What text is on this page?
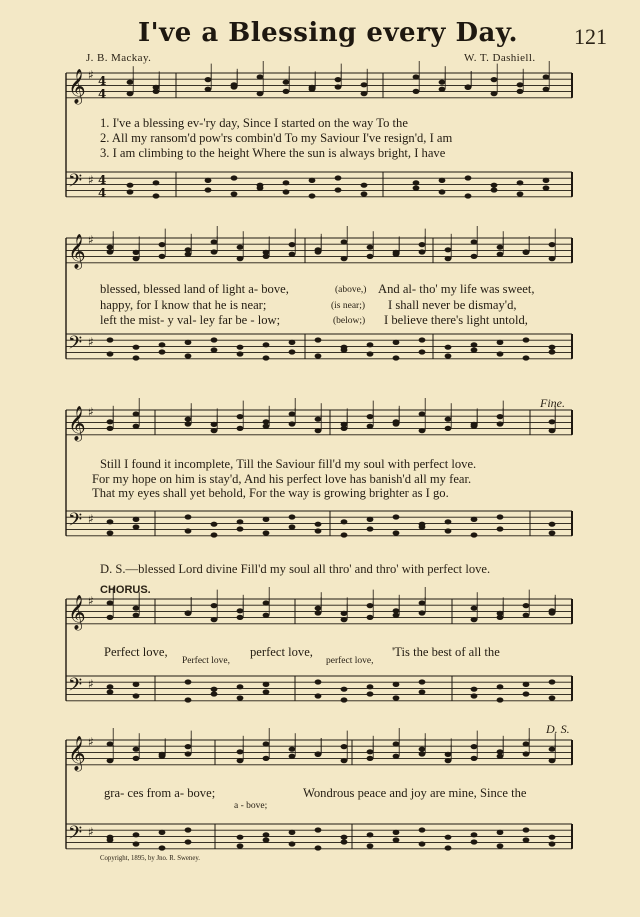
I've a Blessing every Day.	121
J. B. Mackay.	W. T. Dashiell.
𝄞 ♯ 4
4
𝄢 ♯ 4
4
𝄞 ♯
𝄢 ♯
𝄞 ♯
𝄢 ♯
𝄞 ♯
𝄢 ♯
𝄞 ♯
𝄢 ♯
1. I've a blessing ev-'ry day, Since I started on the way To the
2. All my ransom'd pow'rs combin'd To my Saviour I've resign'd, I am
3. I am climbing to the height Where the sun is always bright, I have
blessed, blessed land of light a- bove,	(above,) And al- tho' my life was sweet,
happy, for I know that he is near;	(is near;) I shall never be dismay'd,
left the mist- y val- ley far be - low;	(below;) I believe there's light untold,
Fine.
Still I found it incomplete, Till the Saviour fill'd my soul with perfect love.
For my hope on him is stay'd, And his perfect love has banish'd all my fear.
That my eyes shall yet behold, For the way is growing brighter as I go.
D. S.—blessed Lord divine Fill'd my soul all thro' and thro' with perfect love.
CHORUS.
Perfect love,
Perfect love,
perfect love,
perfect love,
'Tis the best of all the
D. S.
gra- ces from a- bove;
a - bove;
Wondrous peace and joy are mine, Since the
Copyright, 1895, by Jno. R. Sweney.
